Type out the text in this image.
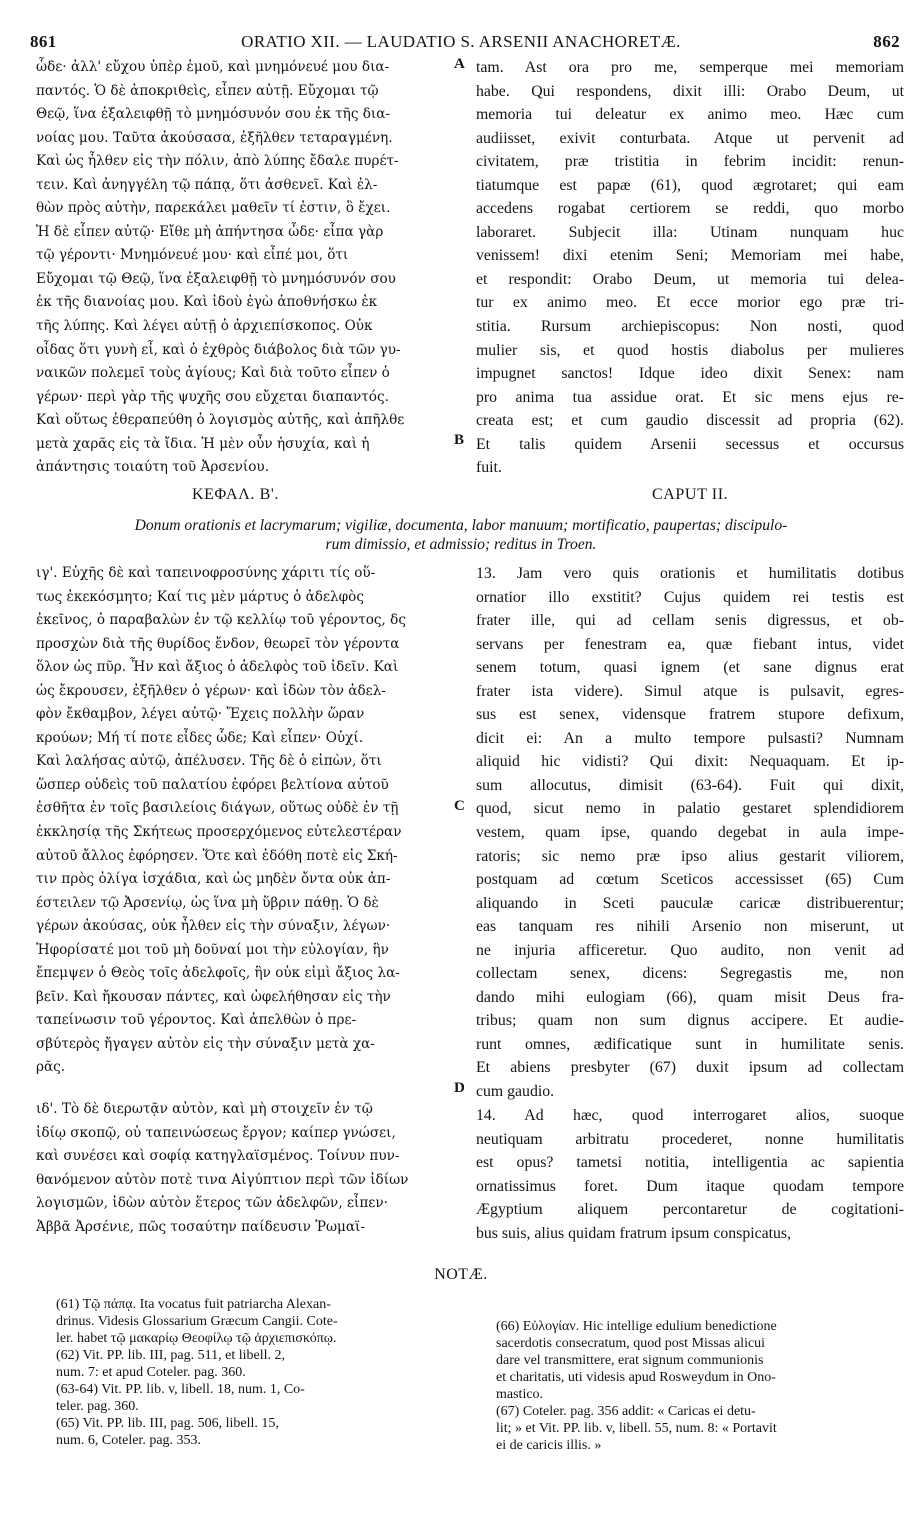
861	ORATIO XII. — LAUDATIO S. ARSENII ANACHORETÆ.	862
ὧδε· ἀλλ' εὔχου ὑπὲρ ἐμοῦ, καὶ μνημόνευέ μου δια-
παντός. Ὁ δὲ ἀποκριθεὶς, εἶπεν αὐτῇ. Εὔχομαι τῷ
Θεῷ, ἵνα ἐξαλειφθῇ τὸ μνημόσυνόν σου ἐκ τῆς δια-
νοίας μου. Ταῦτα ἀκούσασα, ἐξῆλθεν τεταραγμένη.
Καὶ ὡς ἦλθεν εἰς τὴν πόλιν, ἀπὸ λύπης ἔδαλε πυρέτ-
τειν. Καὶ ἀνηγγέλη τῷ πάπᾳ, ὅτι ἀσθενεῖ. Καὶ ἐλ-
θὼν πρὸς αὐτὴν, παρεκάλει μαθεῖν τί ἐστιν, ὃ ἔχει.
Ἡ δὲ εἶπεν αὐτῷ· Εἴθε μὴ ἀπήντησα ὧδε· εἶπα γὰρ
τῷ γέροντι· Μνημόνευέ μου· καὶ εἶπέ μοι, ὅτι
Εὔχομαι τῷ Θεῷ, ἵνα ἐξαλειφθῇ τὸ μνημόσυνόν σου
ἐκ τῆς διανοίας μου. Καὶ ἰδοὺ ἐγὼ ἀποθνήσκω ἐκ
τῆς λύπης. Καὶ λέγει αὐτῇ ὁ ἀρχιεπίσκοπος. Οὐκ
οἶδας ὅτι γυνὴ εἶ, καὶ ὁ ἐχθρὸς διάβολος διὰ τῶν γυ-
ναικῶν πολεμεῖ τοὺς ἁγίους; Καὶ διὰ τοῦτο εἶπεν ὁ
γέρων· περὶ γὰρ τῆς ψυχῆς σου εὔχεται διαπαντός.
Καὶ οὕτως ἐθεραπεύθη ὁ λογισμὸς αὐτῆς, καὶ ἀπῆλθε
μετὰ χαρᾶς εἰς τὰ ἴδια. Ἡ μὲν οὖν ἡσυχία, καὶ ἡ
ἀπάντησις τοιαύτη τοῦ Ἀρσενίου.
tam. Ast ora pro me, semperque mei memoriam
habe. Qui respondens, dixit illi: Orabo Deum, ut
memoria tui deleatur ex animo meo. Hæc cum
audiisset, exivit conturbata. Atque ut pervenit ad
civitatem, præ tristitia in febrim incidit: renun-
tiatumque est papæ (61), quod ægrotaret; qui eam
accedens rogabat certiorem se reddi, quo morbo
laboraret. Subjecit illa: Utinam nunquam huc
venissem! dixi etenim Seni; Memoriam mei habe,
et respondit: Orabo Deum, ut memoria tui delea-
tur ex animo meo. Et ecce morior ego præ tri-
stitia. Rursum archiepiscopus: Non nosti, quod
mulier sis, et quod hostis diabolus per mulieres
impugnet sanctos! Idque ideo dixit Senex: nam
pro anima tua assidue orat. Et sic mens ejus re-
creata est; et cum gaudio discessit ad propria (62).
Et talis quidem Arsenii secessus et occursus
fuit.
A
B
ΚΕΦΑΛ. Β'.	CAPUT II.
Donum orationis et lacrymarum; vigiliæ, documenta, labor manuum; mortificatio, paupertas; discipulo-
rum dimissio, et admissio; reditus in Troen.
ιγ'. Εὐχῆς δὲ καὶ ταπεινοφροσύνης χάριτι τίς οὕ-
τως ἐκεκόσμητο; Καί τις μὲν μάρτυς ὁ ἀδελφὸς
ἐκεῖνος, ὁ παραβαλὼν ἐν τῷ κελλίῳ τοῦ γέροντος, δς
προσχὼν διὰ τῆς θυρίδος ἔνδον, θεωρεῖ τὸν γέροντα
ὅλον ὡς πῦρ. Ἦν καὶ ἄξιος ὁ ἀδελφὸς τοῦ ἰδεῖν. Καὶ
ὡς ἔκρουσεν, ἐξῆλθεν ὁ γέρων· καὶ ἰδὼν τὸν ἀδελ-
φὸν ἔκθαμβον, λέγει αὐτῷ· Ἔχεις πολλὴν ὥραν
κρούων; Μή τί ποτε εἶδες ὧδε; Καὶ εἶπεν· Οὐχί.
Καὶ λαλήσας αὐτῷ, ἀπέλυσεν. Τῆς δὲ ὁ εἰπὼν, ὅτι
ὥσπερ οὐδεὶς τοῦ παλατίου ἐφόρει βελτίονα αὐτοῦ
ἐσθῆτα ἐν τοῖς βασιλείοις διάγων, οὕτως οὐδὲ ἐν τῇ
ἐκκλησίᾳ τῆς Σκήτεως προσερχόμενος εὐτελεστέραν
αὐτοῦ ἄλλος ἐφόρησεν. Ὅτε καὶ ἐδόθη ποτὲ εἰς Σκή-
τιν πρὸς ὀλίγα ἰσχάδια, καὶ ὡς μηδὲν ὄντα οὐκ ἀπ-
έστειλεν τῷ Ἀρσενίῳ, ὡς ἵνα μὴ ὕβριν πάθῃ. Ὁ δὲ
γέρων ἀκούσας, οὐκ ἦλθεν εἰς τὴν σύναξιν, λέγων·
Ἠφορίσατέ μοι τοῦ μὴ δοῦναί μοι τὴν εὐλογίαν, ἣν
ἔπεμψεν ὁ Θεὸς τοῖς ἀδελφοῖς, ἣν οὐκ εἰμὶ ἄξιος λα-
βεῖν. Καὶ ἤκουσαν πάντες, καὶ ὠφελήθησαν εἰς τὴν
ταπείνωσιν τοῦ γέροντος. Καὶ ἀπελθὼν ὁ πρε-
σβύτερὸς ἤγαγεν αὐτὸν εἰς τὴν σύναξιν μετὰ χα-
ρᾶς.
ιδ'. Τὸ δὲ διερωτᾷν αὐτὸν, καὶ μὴ στοιχεῖν ἐν τῷ
ἰδίῳ σκοπῷ, οὐ ταπεινώσεως ἔργον; καίπερ γνώσει,
καὶ συνέσει καὶ σοφίᾳ κατηγλαϊσμένος. Τοίνυν πυν-
θανόμενον αὐτὸν ποτὲ τινα Αἰγύπτιον περὶ τῶν ἰδίων
λογισμῶν, ἰδὼν αὐτὸν ἕτερος τῶν ἀδελφῶν, εἶπεν·
Ἀββᾶ Ἀρσένιε, πῶς τοσαύτην παίδευσιν Ῥωμαϊ-
13. Jam vero quis orationis et humilitatis dotibus
ornatior illo exstitit? Cujus quidem rei testis est
frater ille, qui ad cellam senis digressus, et ob-
servans per fenestram ea, quæ fiebant intus, videt
senem totum, quasi ignem (et sane dignus erat
frater ista videre). Simul atque is pulsavit, egres-
sus est senex, vidensque fratrem stupore defixum,
dicit ei: An a multo tempore pulsasti? Numnam
aliquid hic vidisti? Qui dixit: Nequaquam. Et ip-
sum allocutus, dimisit (63-64). Fuit qui dixit,
quod, sicut nemo in palatio gestaret splendidiorem
vestem, quam ipse, quando degebat in aula impe-
ratoris; sic nemo præ ipso alius gestarit viliorem,
postquam ad cœtum Sceticos accessisset (65) Cum
aliquando in Sceti pauculæ caricæ distribuerentur;
eas tanquam res nihili Arsenio non miserunt, ut
ne injuria afficeretur. Quo audito, non venit ad
collectam senex, dicens: Segregastis me, non
dando mihi eulogiam (66), quam misit Deus fra-
tribus; quam non sum dignus accipere. Et audie-
runt omnes, ædificatique sunt in humilitate senis.
Et abiens presbyter (67) duxit ipsum ad collectam
cum gaudio.
14. Ad hæc, quod interrogaret alios, suoque
neutiquam arbitratu procederet, nonne humilitatis
est opus? tametsi notitia, intelligentia ac sapientia
ornatissimus foret. Dum itaque quodam tempore
Ægyptium aliquem percontaretur de cogitationi-
bus suis, alius quidam fratrum ipsum conspicatus,
C
D
NOTÆ.
(61) Τῷ πάπᾳ. Ita vocatus fuit patriarcha Alexan-
drinus. Videsis Glossarium Græcum Cangii. Cote-
ler. habet τῷ μακαρίῳ Θεοφίλῳ τῷ ἀρχιεπισκόπῳ.
(62) Vit. PP. lib. III, pag. 511, et libell. 2,
num. 7: et apud Coteler. pag. 360.
(63-64) Vit. PP. lib. v, libell. 18, num. 1, Co-
teler. pag. 360.
(65) Vit. PP. lib. III, pag. 506, libell. 15,
num. 6, Coteler. pag. 353.
(66) Εὐλογίαν. Hic intellige edulium benedictione
sacerdotis consecratum, quod post Missas alicui
dare vel transmittere, erat signum communionis
et charitatis, uti videsis apud Rosweydum in Ono-
mastico.
(67) Coteler. pag. 356 addit: « Caricas ei detu-
lit; » et Vit. PP. lib. v, libell. 55, num. 8: « Portavit
ei de caricis illis. »
